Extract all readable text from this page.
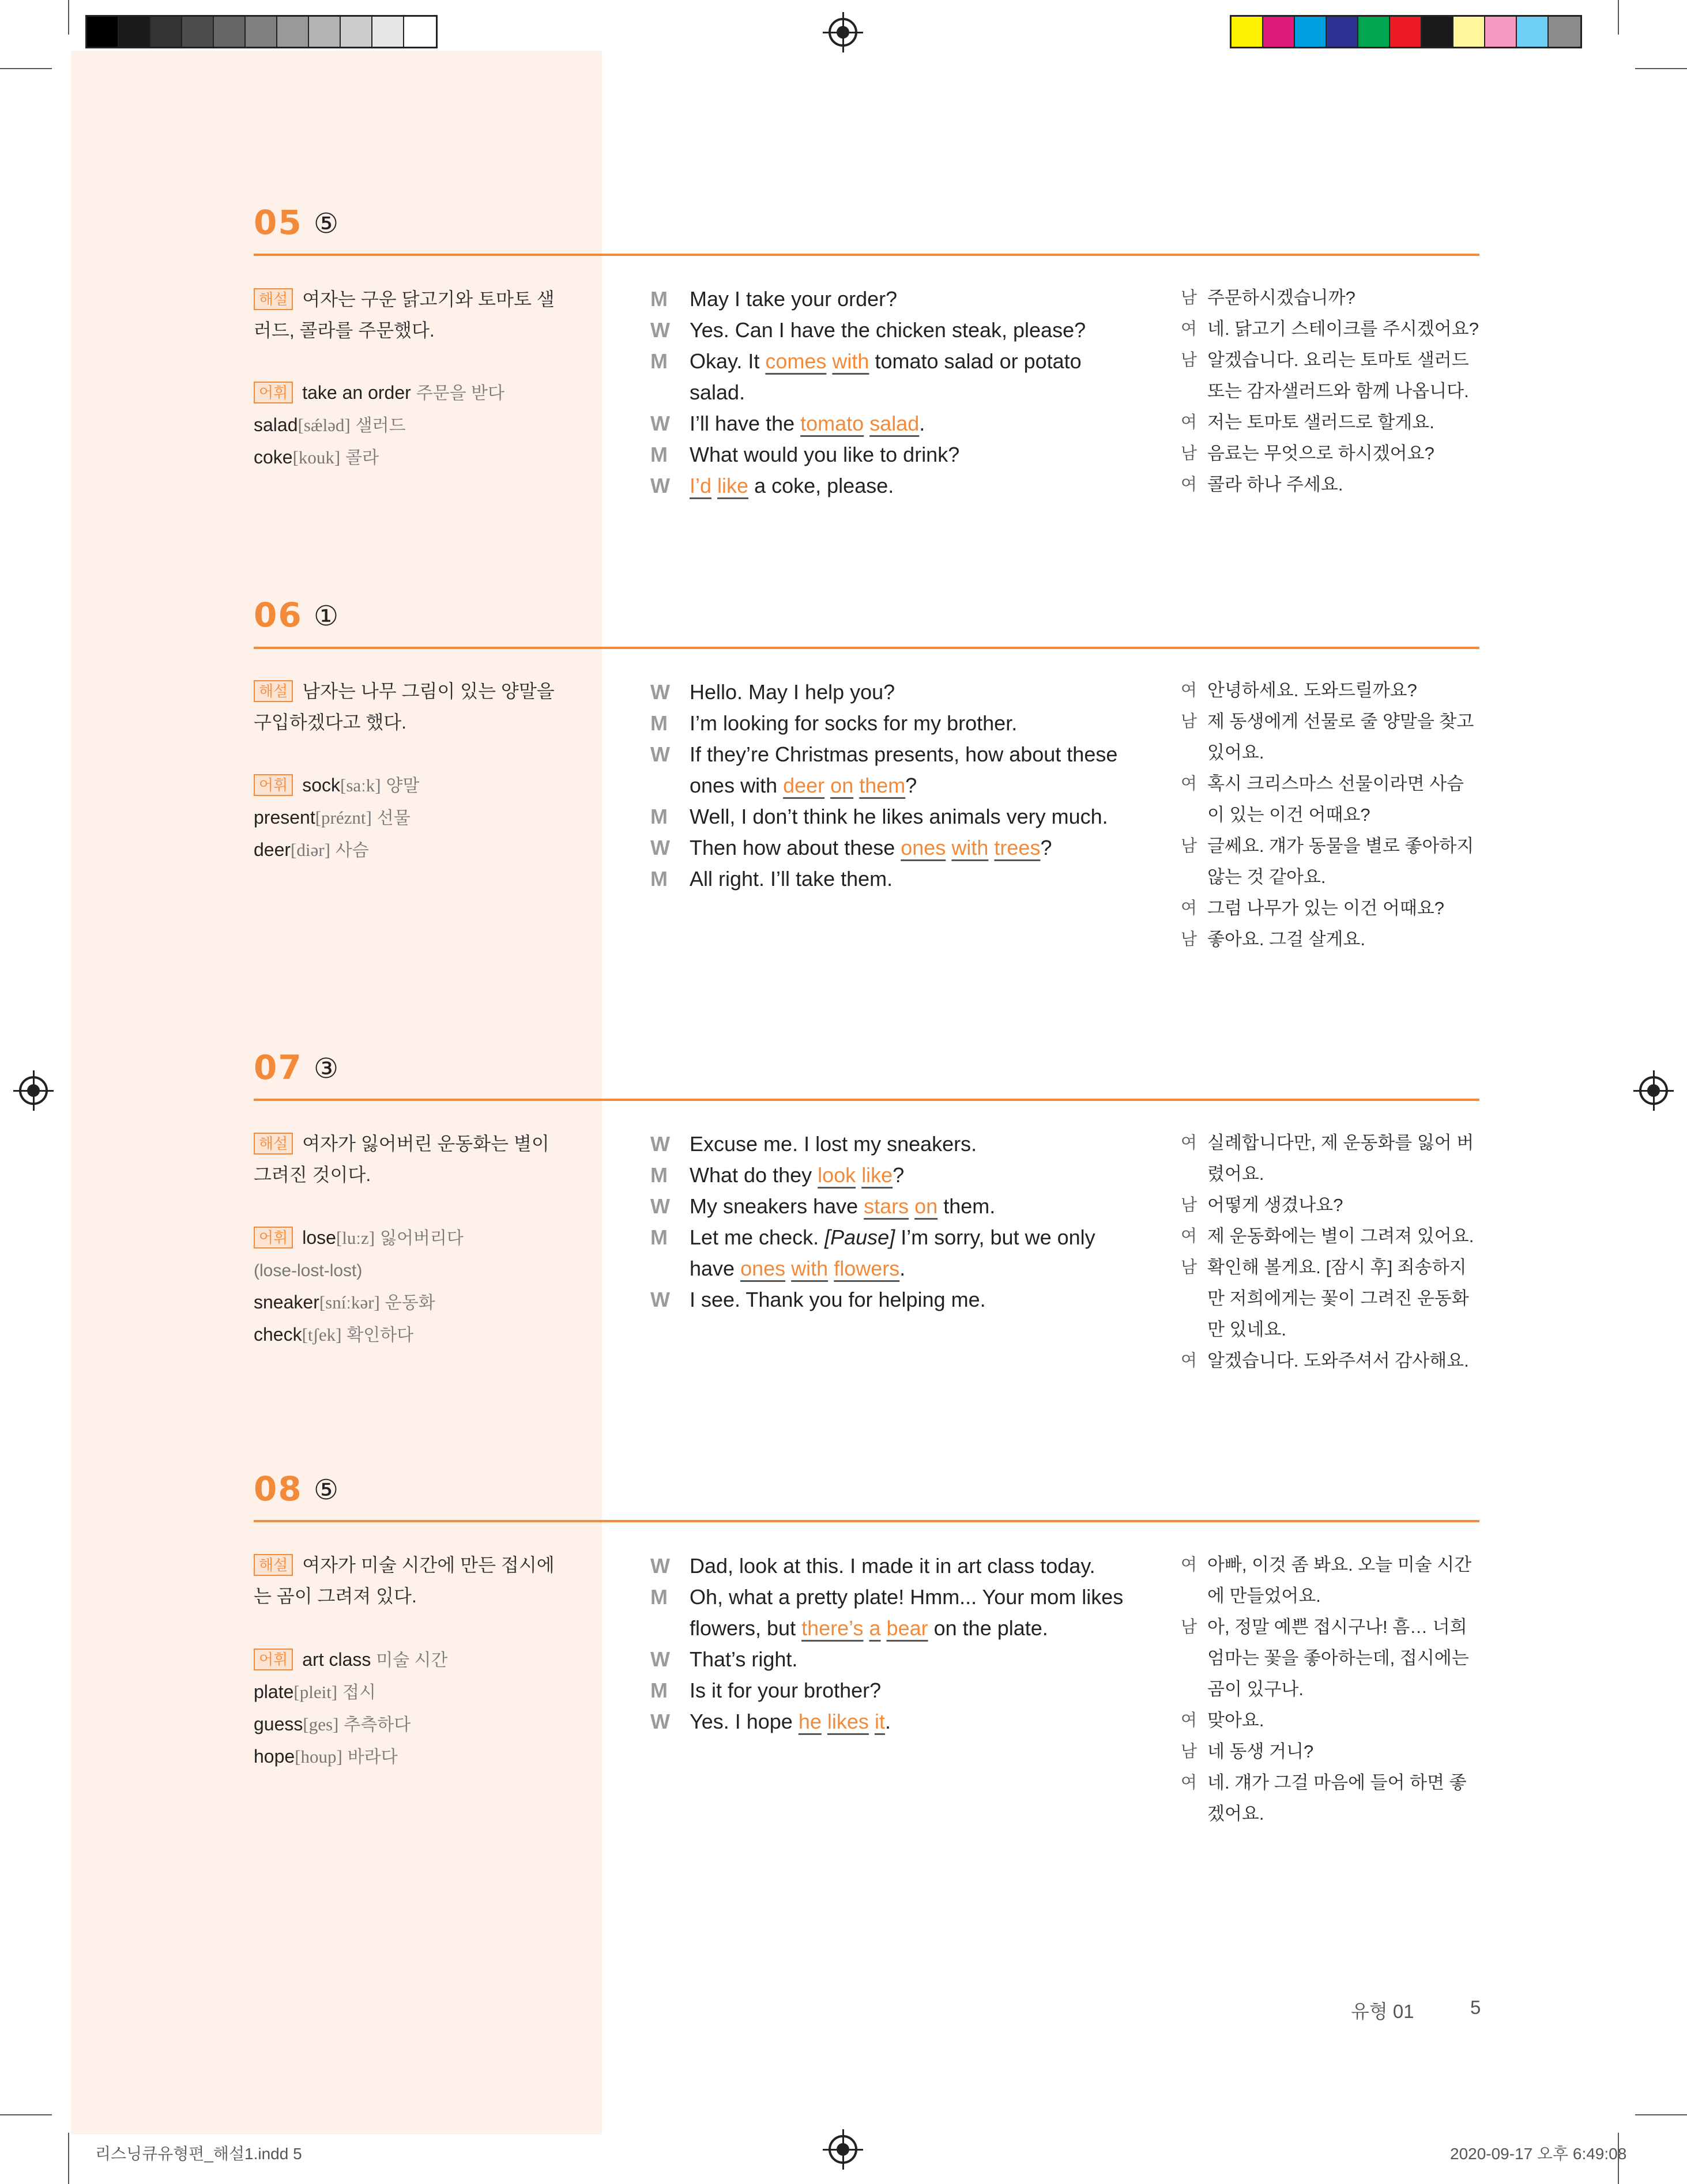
05 ⑤
해설 여자는 구운 닭고기와 토마토 샐러드, 콜라를 주문했다.
어휘 take an order 주문을 받다
salad[sǽləd] 샐러드
coke[kouk] 콜라
M	May I take your order?
W Yes. Can I have the chicken steak, please?
M	Okay. It comes with tomato salad or potato salad.
W I’ll have the tomato salad.
M	What would you like to drink?
W I’d like a coke, please.
남 주문하시겠습니까?
여 네. 닭고기 스테이크를 주시겠어요?
남 알겠습니다. 요리는 토마토 샐러드 또는 감자샐러드와 함께 나옵니다.
여 저는 토마토 샐러드로 할게요.
남 음료는 무엇으로 하시겠어요?
여 콜라 하나 주세요.
06 ①
해설 남자는 나무 그림이 있는 양말을 구입하겠다고 했다.
어휘 sock[saːk] 양말
present[préznt] 선물
deer[diər] 사슴
W Hello. May I help you?
M	I’m looking for socks for my brother.
W If they’re Christmas presents, how about these ones with deer on them?
M	Well, I don’t think he likes animals very much.
W Then how about these ones with trees?
M	All right. I’ll take them.
여 안녕하세요. 도와드릴까요?
남 제 동생에게 선물로 줄 양말을 찾고 있어요.
여 혹시 크리스마스 선물이라면 사슴이 있는 이건 어때요?
남 글쎄요. 걔가 동물을 별로 좋아하지 않는 것 같아요.
여 그럼 나무가 있는 이건 어때요?
남 좋아요. 그걸 살게요.
07 ③
해설 여자가 잃어버린 운동화는 별이 그려진 것이다.
어휘 lose[luːz] 잃어버리다
(lose-lost-lost)
sneaker[sníːkər] 운동화
check[tʃek] 확인하다
W Excuse me. I lost my sneakers.
M	What do they look like?
W My sneakers have stars on them.
M	Let me check. [Pause] I’m sorry, but we only have ones with flowers.
W I see. Thank you for helping me.
여 실례합니다만, 제 운동화를 잃어 버렸어요.
남 어떻게 생겼나요?
여 제 운동화에는 별이 그려져 있어요.
남 확인해 볼게요. [잠시 후] 죄송하지만 저희에게는 꽃이 그려진 운동화만 있네요.
여 알겠습니다. 도와주셔서 감사해요.
08 ⑤
해설 여자가 미술 시간에 만든 접시에는 곰이 그려져 있다.
어휘 art class 미술 시간
plate[pleit] 접시
guess[ges] 추측하다
hope[houp] 바라다
W Dad, look at this. I made it in art class today.
M	Oh, what a pretty plate! Hmm... Your mom likes flowers, but there’s a bear on the plate.
W That’s right.
M	Is it for your brother?
W Yes. I hope he likes it.
여 아빠, 이것 좀 봐요. 오늘 미술 시간에 만들었어요.
남 아, 정말 예쁜 접시구나! 흠… 너희 엄마는 꽃을 좋아하는데, 접시에는 곰이 있구나.
여 맞아요.
남 네 동생 거니?
여 네. 걔가 그걸 마음에 들어 하면 좋겠어요.
유형 01	5
리스닝큐유형편_해설1.indd 5	2020-09-17 오후 6:49:08
